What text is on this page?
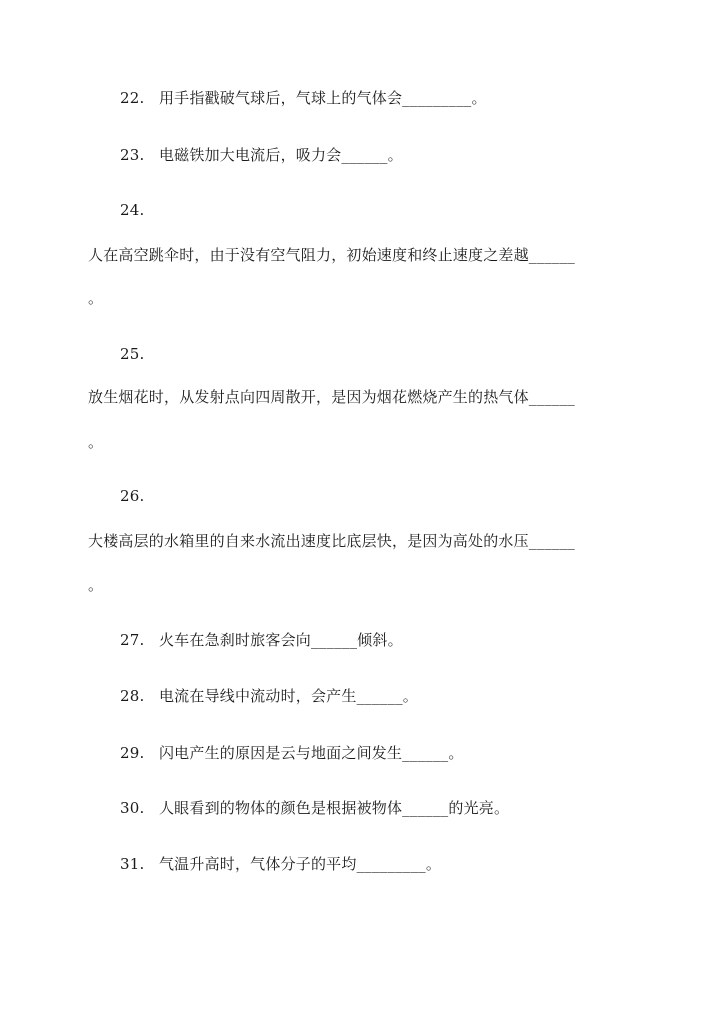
22. 用手指戳破气球后，气球上的气体会_________。
23. 电磁铁加大电流后，吸力会______。
24.
人在高空跳伞时，由于没有空气阻力，初始速度和终止速度之差越______
。
25.
放生烟花时，从发射点向四周散开，是因为烟花燃烧产生的热气体______
。
26.
大楼高层的水箱里的自来水流出速度比底层快，是因为高处的水压______
。
27. 火车在急刹时旅客会向______倾斜。
28. 电流在导线中流动时，会产生______。
29. 闪电产生的原因是云与地面之间发生______。
30. 人眼看到的物体的颜色是根据被物体______的光亮。
31. 气温升高时，气体分子的平均_________。
